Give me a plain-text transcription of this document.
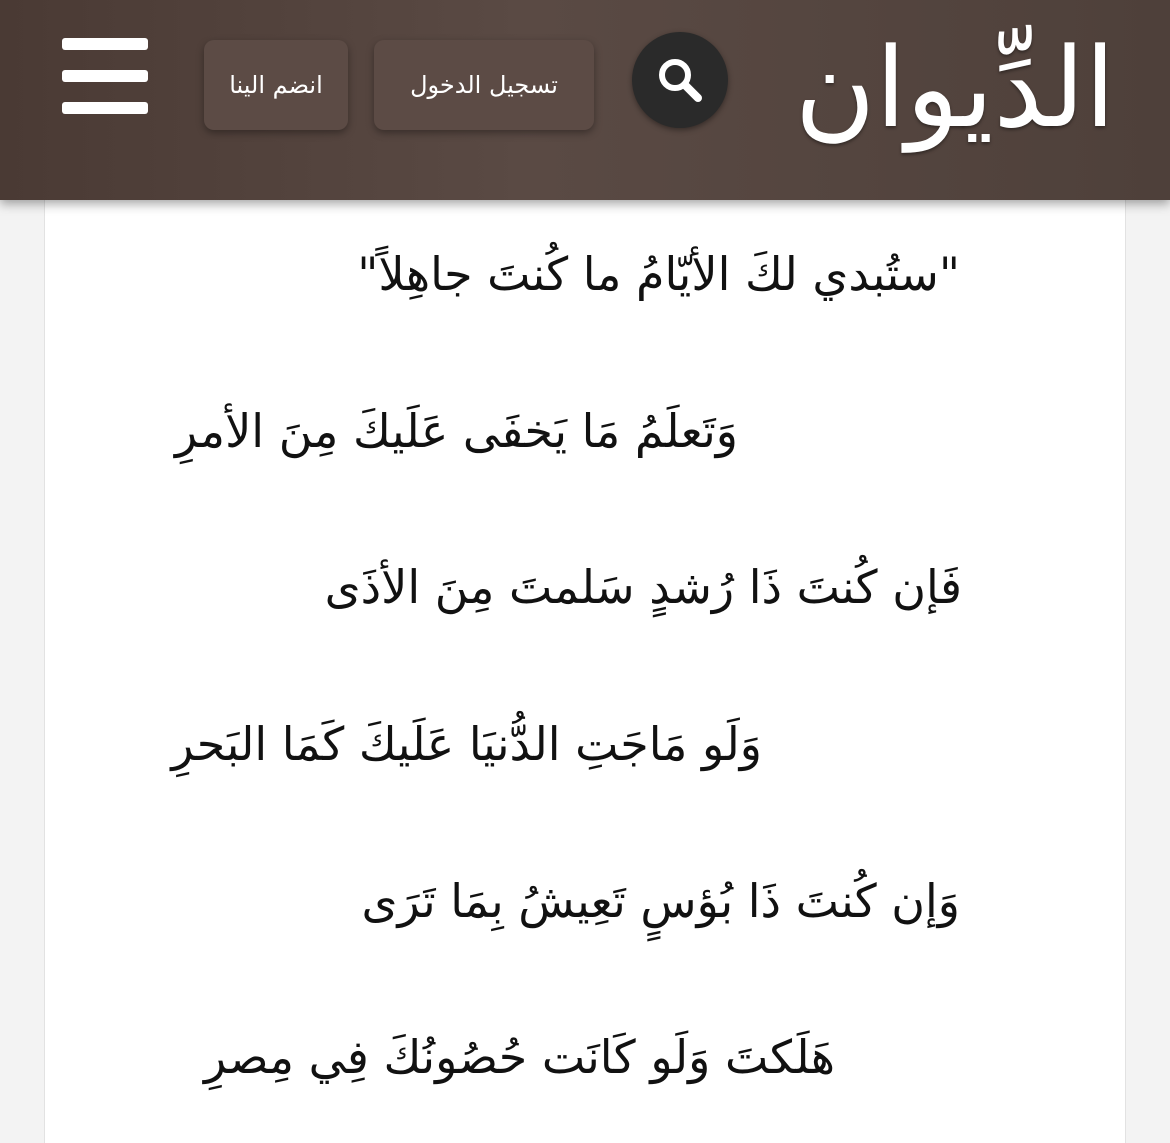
انضم الينا	تسجيل الدخول الدِّيوان
"ستُبدي لكَ الأيّامُ ما كُنتَ جاهِلاً"
وَتَعلَمُ مَا يَخفَى عَلَيكَ مِنَ الأمرِ
فَإن كُنتَ ذَا رُشدٍ سَلمتَ مِنَ الأذَى
وَلَو مَاجَتِ الدُّنيَا عَلَيكَ كَمَا البَحرِ
وَإن كُنتَ ذَا بُؤسٍ تَعِيشُ بِمَا تَرَى
هَلَكتَ وَلَو كَانَت حُصُونُكَ فِي مِصرِ
